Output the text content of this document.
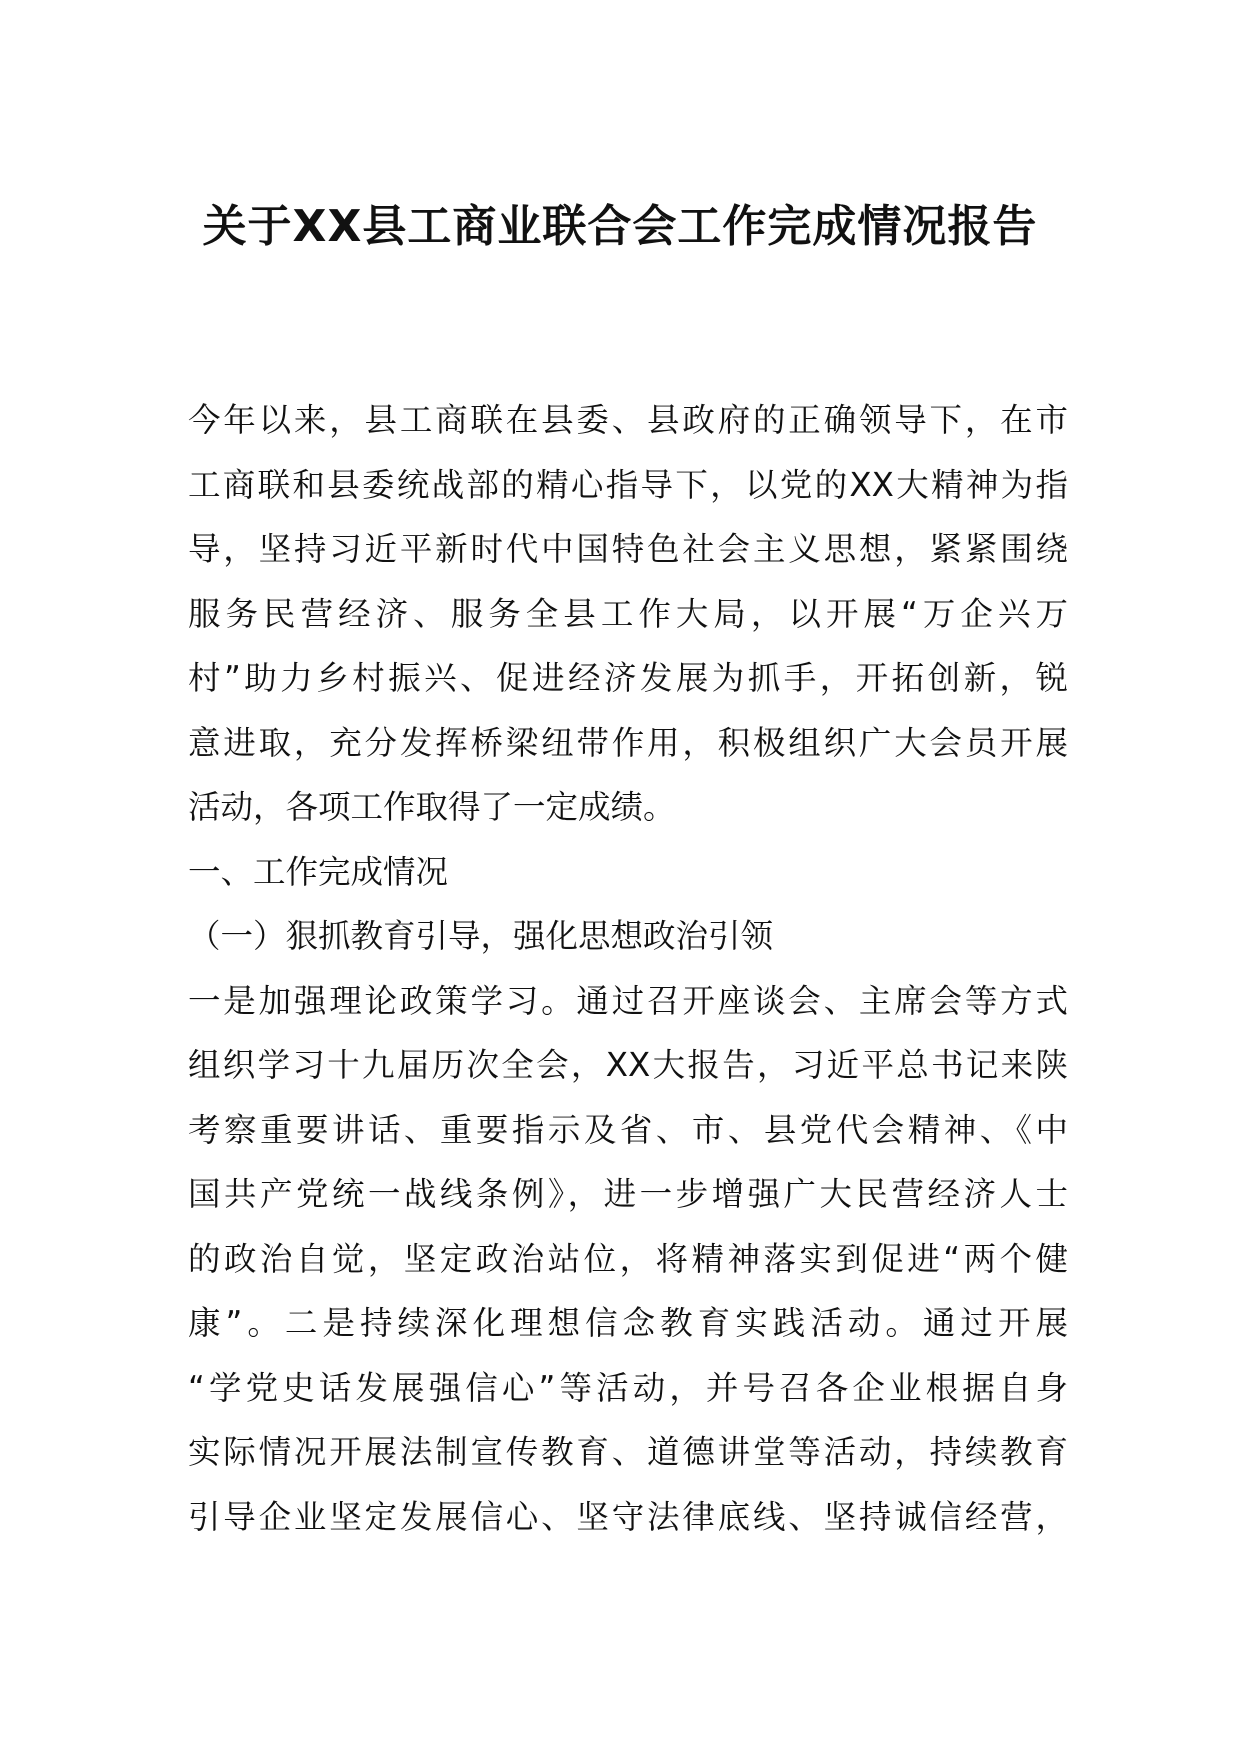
关于XX县工商业联合会工作完成情况报告
今年以来，县工商联在县委、县政府的正确领导下，在市
工商联和县委统战部的精心指导下，以党的XX大精神为指
导，坚持习近平新时代中国特色社会主义思想，紧紧围绕
服务民营经济、服务全县工作大局，以开展“万企兴万
村”助力乡村振兴、促进经济发展为抓手，开拓创新，锐
意进取，充分发挥桥梁纽带作用，积极组织广大会员开展
活动，各项工作取得了一定成绩。
一、工作完成情况
（一）狠抓教育引导，强化思想政治引领
一是加强理论政策学习。通过召开座谈会、主席会等方式
组织学习十九届历次全会，XX大报告，习近平总书记来陕
考察重要讲话、重要指示及省、市、县党代会精神、《中
国共产党统一战线条例》，进一步增强广大民营经济人士
的政治自觉，坚定政治站位，将精神落实到促进“两个健
康”。二是持续深化理想信念教育实践活动。通过开展
“学党史话发展强信心”等活动，并号召各企业根据自身
实际情况开展法制宣传教育、道德讲堂等活动，持续教育
引导企业坚定发展信心、坚守法律底线、坚持诚信经营，
